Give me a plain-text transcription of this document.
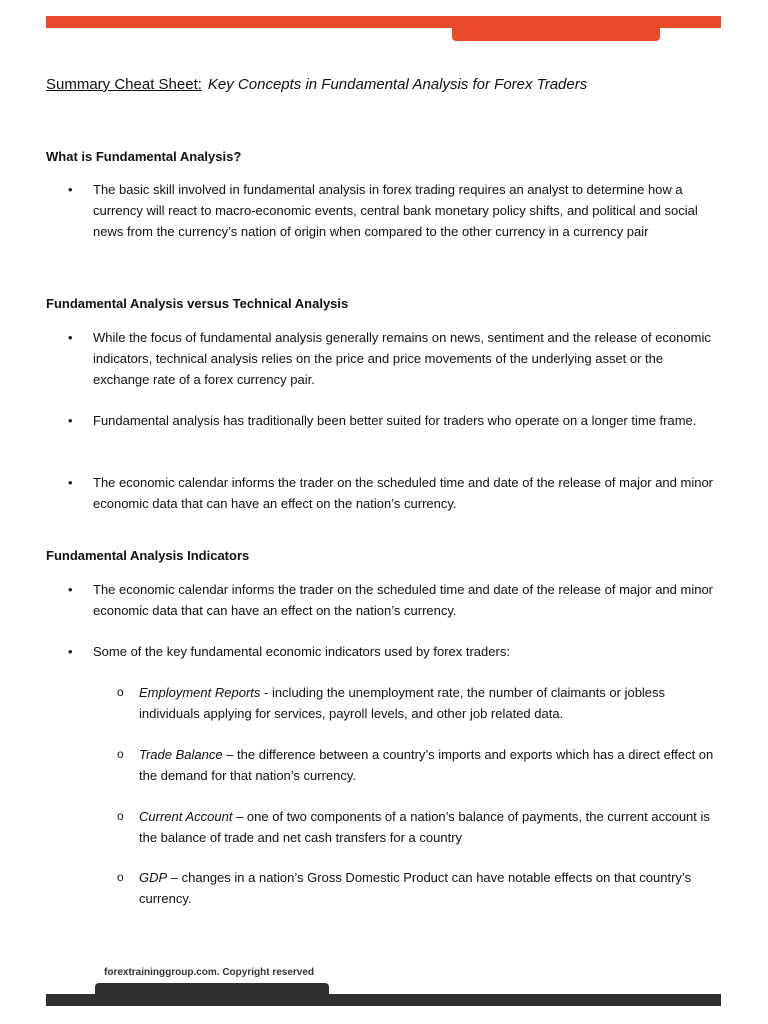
Summary Cheat Sheet: Key Concepts in Fundamental Analysis for Forex Traders
What is Fundamental Analysis?
•	The basic skill involved in fundamental analysis in forex trading requires an analyst to determine how a currency will react to macro-economic events, central bank monetary policy shifts, and political and social news from the currency’s nation of origin when compared to the other currency in a currency pair
Fundamental Analysis versus Technical Analysis
•	While the focus of fundamental analysis generally remains on news, sentiment and the release of economic indicators, technical analysis relies on the price and price movements of the underlying asset or the exchange rate of a forex currency pair.
•	Fundamental analysis has traditionally been better suited for traders who operate on a longer time frame.
•	The economic calendar informs the trader on the scheduled time and date of the release of major and minor economic data that can have an effect on the nation’s currency.
Fundamental Analysis Indicators
•	The economic calendar informs the trader on the scheduled time and date of the release of major and minor economic data that can have an effect on the nation’s currency.
•	Some of the key fundamental economic indicators used by forex traders:
o	Employment Reports - including the unemployment rate, the number of claimants or jobless individuals applying for services, payroll levels, and other job related data.
o	Trade Balance – the difference between a country’s imports and exports which has a direct effect on the demand for that nation’s currency.
o	Current Account – one of two components of a nation’s balance of payments, the current account is the balance of trade and net cash transfers for a country
o	GDP – changes in a nation’s Gross Domestic Product can have notable effects on that country’s currency.
forextraininggroup.com. Copyright reserved
